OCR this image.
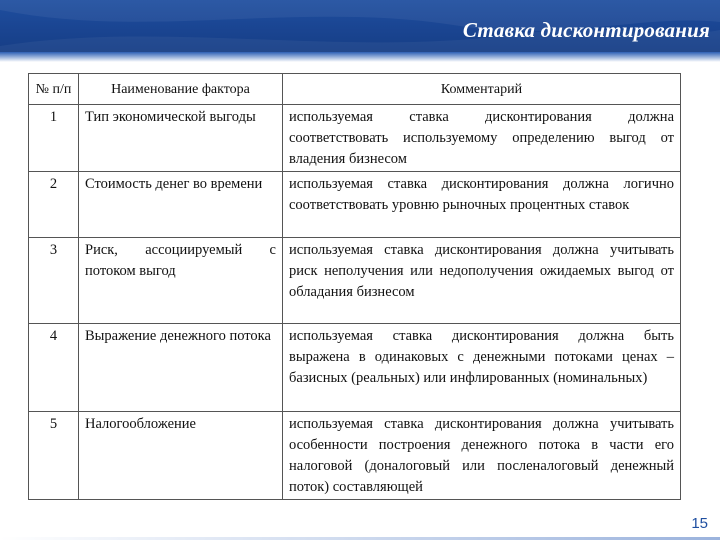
Ставка дисконтирования
№ п/п	Наименование фактора	Комментарий
1	Тип экономической выгоды	используемая ставка дисконтирования должна соответствовать используемому определению выгод от владения бизнесом
2	Стоимость денег во времени	используемая ставка дисконтирования должна логично соответствовать уровню рыночных процентных ставок
3	Риск, ассоциируемый с потоком выгод	используемая ставка дисконтирования должна учитывать риск неполучения или недополучения ожидаемых выгод от обладания бизнесом
4	Выражение денежного потока	используемая ставка дисконтирования должна быть выражена в одинаковых с денежными потоками ценах – базисных (реальных) или инфлированных (номинальных)
5	Налогообложение	используемая ставка дисконтирования должна учитывать особенности построения денежного потока в части его налоговой (доналоговый или посленалоговый денежный поток) составляющей
15
